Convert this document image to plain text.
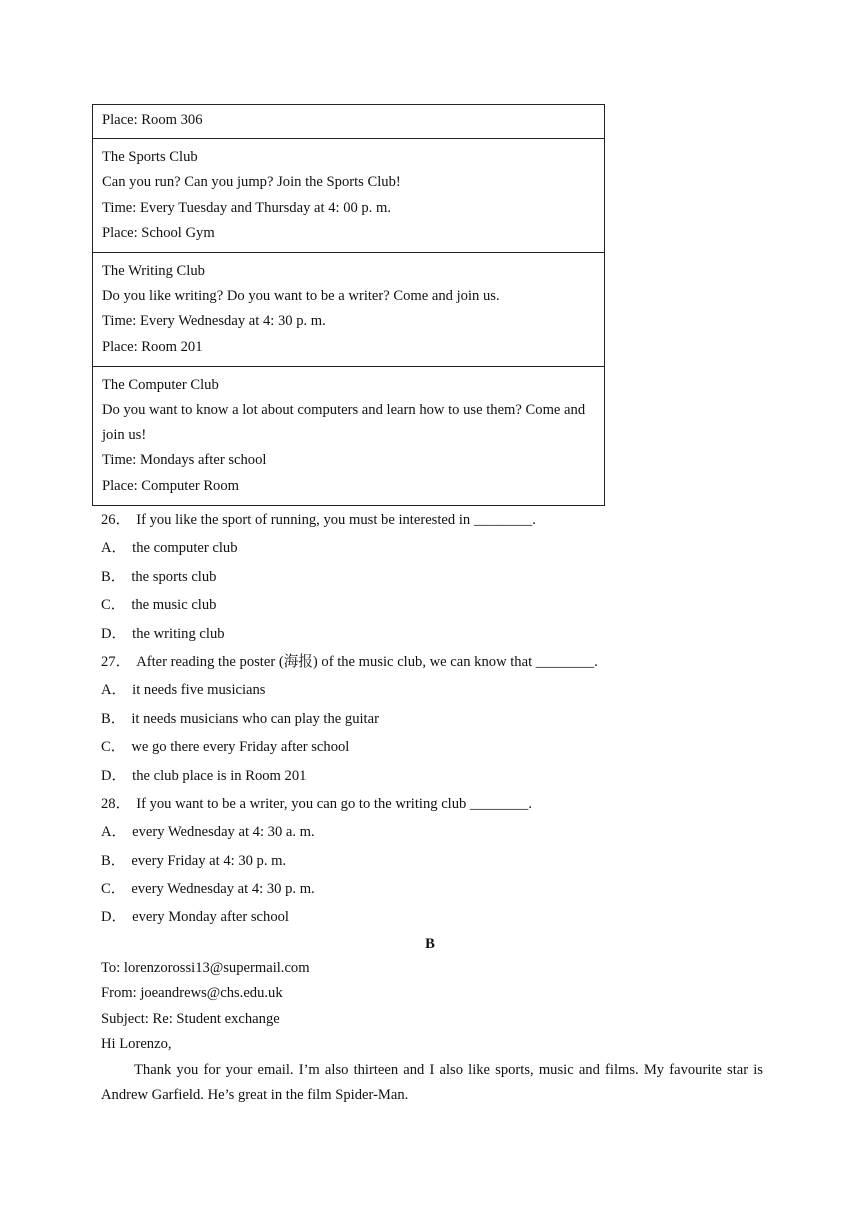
Place: Room 306
The Sports Club
Can you run? Can you jump? Join the Sports Club!
Time: Every Tuesday and Thursday at 4: 00 p. m.
Place: School Gym
The Writing Club
Do you like writing? Do you want to be a writer? Come and join us.
Time: Every Wednesday at 4: 30 p. m.
Place: Room 201
The Computer Club
Do you want to know a lot about computers and learn how to use them? Come and join us!
Time: Mondays after school
Place: Computer Room
26． If you like the sport of running, you must be interested in ________.
A． the computer club
B． the sports club
C． the music club
D． the writing club
27． After reading the poster (海报) of the music club, we can know that ________.
A． it needs five musicians
B． it needs musicians who can play the guitar
C． we go there every Friday after school
D． the club place is in Room 201
28． If you want to be a writer, you can go to the writing club ________.
A． every Wednesday at 4: 30 a. m.
B． every Friday at 4: 30 p. m.
C． every Wednesday at 4: 30 p. m.
D． every Monday after school
B
To: lorenzorossi13@supermail.com
From: joeandrews@chs.edu.uk
Subject: Re: Student exchange
Hi Lorenzo,
Thank you for your email. I’m also thirteen and I also like sports, music and films. My favourite star is Andrew Garfield. He’s great in the film Spider-Man.
